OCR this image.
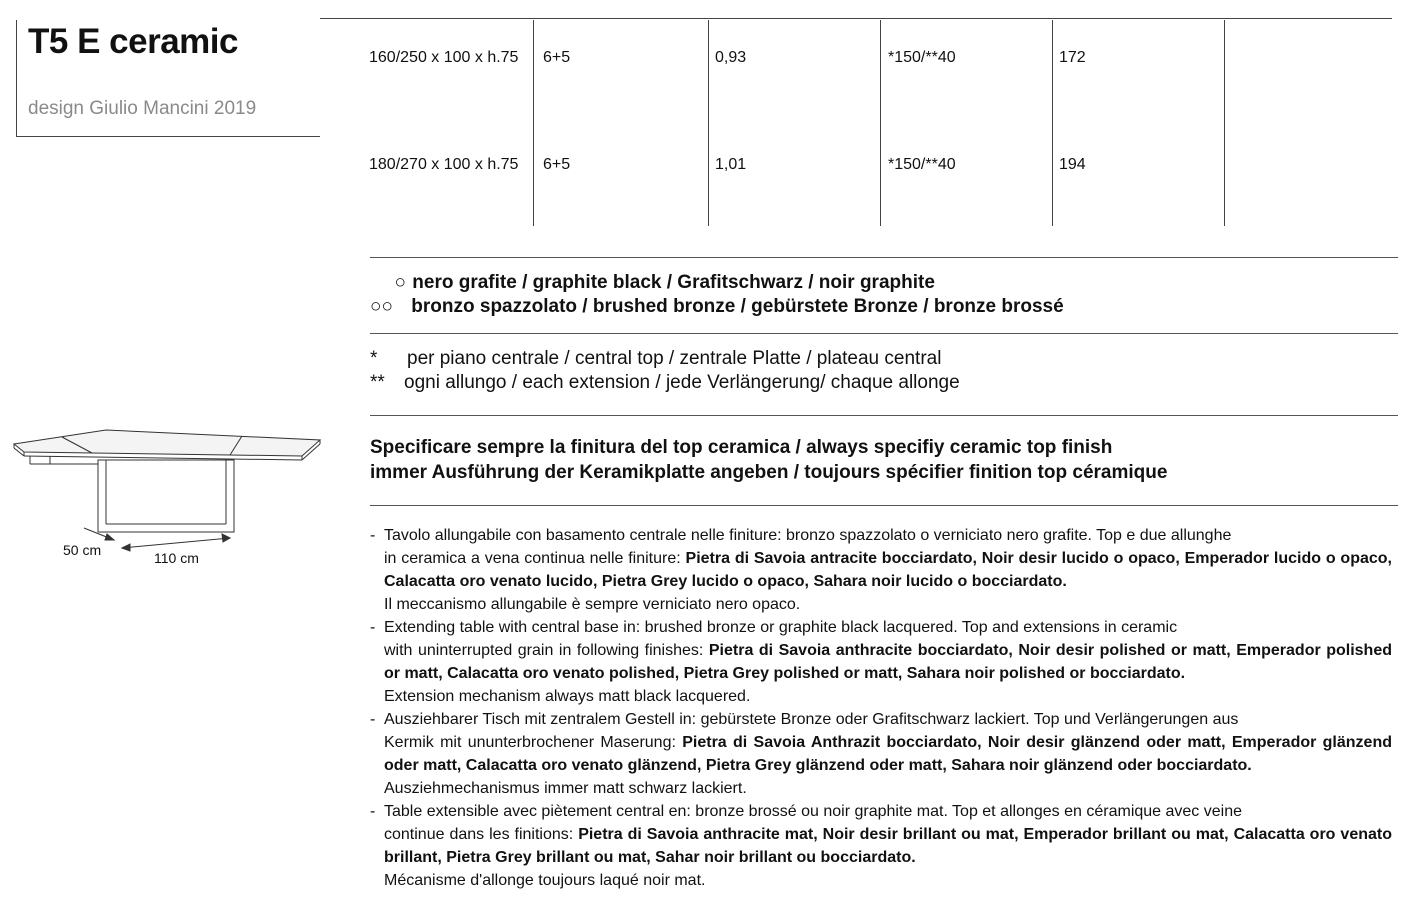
T5 E ceramic
design Giulio Mancini 2019
160/250 x 100 x h.75 6+5	0,93	*150/**40	172
180/270 x 100 x h.75 6+5	1,01	*150/**40	194
○ nero grafite / graphite black / Grafitschwarz / noir graphite
○○ bronzo spazzolato / brushed bronze / gebürstete Bronze / bronze brossé
* per piano centrale / central top / zentrale Platte / plateau central
** ogni allungo / each extension / jede Verlängerung/ chaque allonge
Specificare sempre la finitura del top ceramica / always specifiy ceramic top finish
immer Ausführung der Keramikplatte angeben / toujours spécifier finition top céramique
50 cm	110 cm
- Tavolo allungabile con basamento centrale nelle finiture: bronzo spazzolato o verniciato nero grafite. Top e due allunghe

in ceramica a vena continua nelle finiture: Pietra di Savoia antracite bocciardato, Noir desir lucido o opaco, Emperador lucido o opaco, Calacatta oro venato lucido, Pietra Grey lucido o opaco, Sahara noir lucido o bocciardato.

Il meccanismo allungabile è sempre verniciato nero opaco.

- Extending table with central base in: brushed bronze or graphite black lacquered. Top and extensions in ceramic

with uninterrupted grain in following finishes: Pietra di Savoia anthracite bocciardato, Noir desir polished or matt, Emperador polished or matt, Calacatta oro venato polished, Pietra Grey polished or matt, Sahara noir polished or bocciardato.

Extension mechanism always matt black lacquered.

- Ausziehbarer Tisch mit zentralem Gestell in: gebürstete Bronze oder Grafitschwarz lackiert. Top und Verlängerungen aus

Kermik mit ununterbrochener Maserung: Pietra di Savoia Anthrazit bocciardato, Noir desir glänzend oder matt, Emperador glänzend oder matt, Calacatta oro venato glänzend, Pietra Grey glänzend oder matt, Sahara noir glänzend oder bocciardato.

Ausziehmechanismus immer matt schwarz lackiert.

- Table extensible avec piètement central en: bronze brossé ou noir graphite mat. Top et allonges en céramique avec veine

continue dans les finitions: Pietra di Savoia anthracite mat, Noir desir brillant ou mat, Emperador brillant ou mat, Calacatta oro venato brillant, Pietra Grey brillant ou mat, Sahar noir brillant ou bocciardato.

Mécanisme d'allonge toujours laqué noir mat.
